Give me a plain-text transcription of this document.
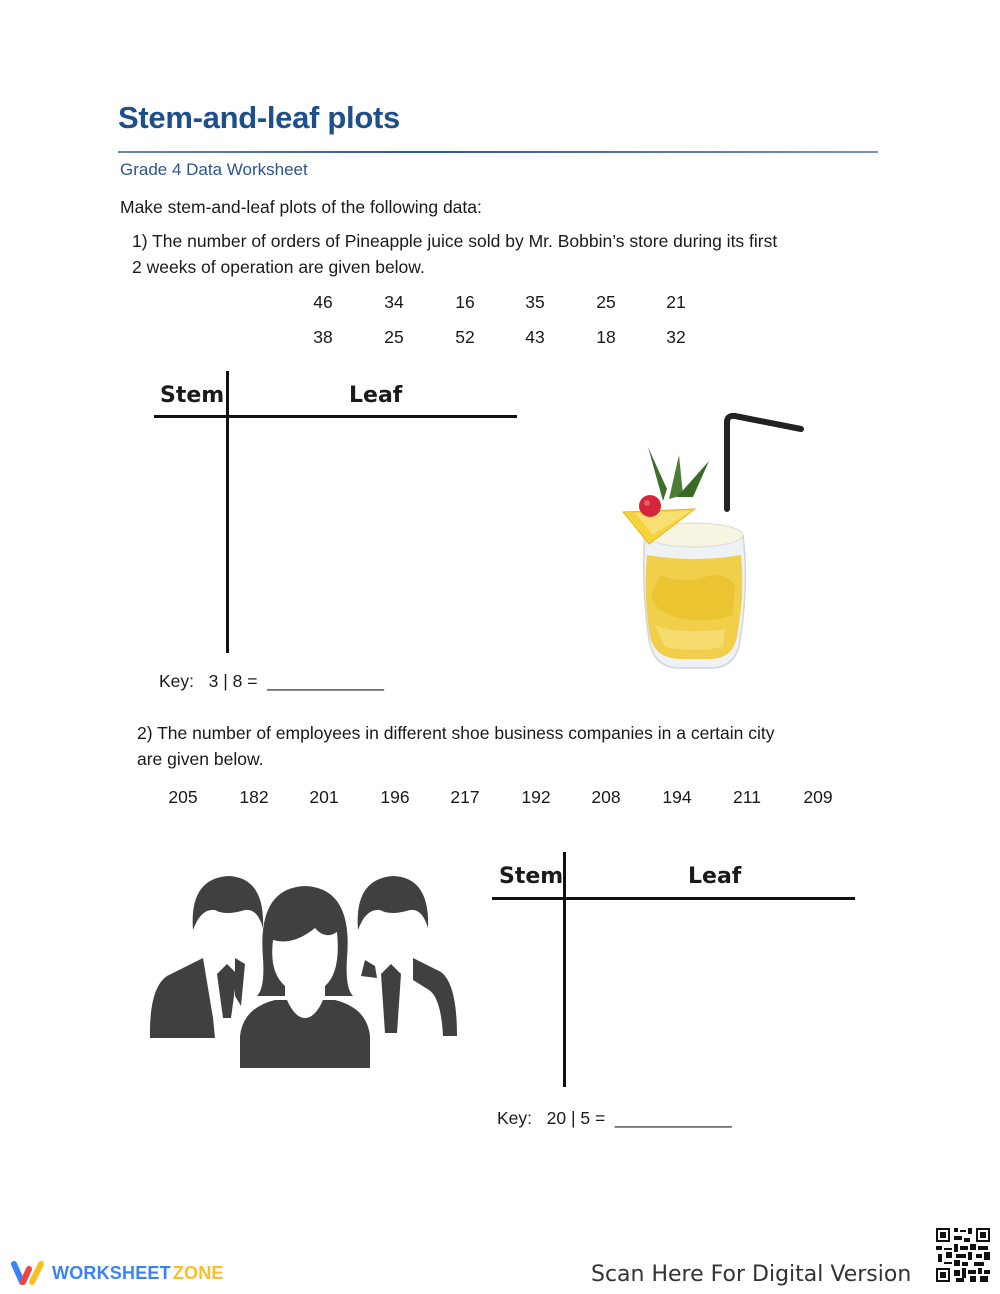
Stem-and-leaf plots
Grade 4 Data Worksheet
Make stem-and-leaf plots of the following data:
1) The number of orders of Pineapple juice sold by Mr. Bobbin’s store during its first
2 weeks of operation are given below.
46	34	16	35	25	21
38	25	52	43	18	32
Stem	Leaf
Key: 3 | 8 = ____________
2) The number of employees in different shoe business companies in a certain city
are given below.
205	182	201	196	217	192	208	194	211	209
Stem	Leaf
Key: 20 | 5 = ____________
WORKSHEET ZONE	Scan Here For Digital Version
